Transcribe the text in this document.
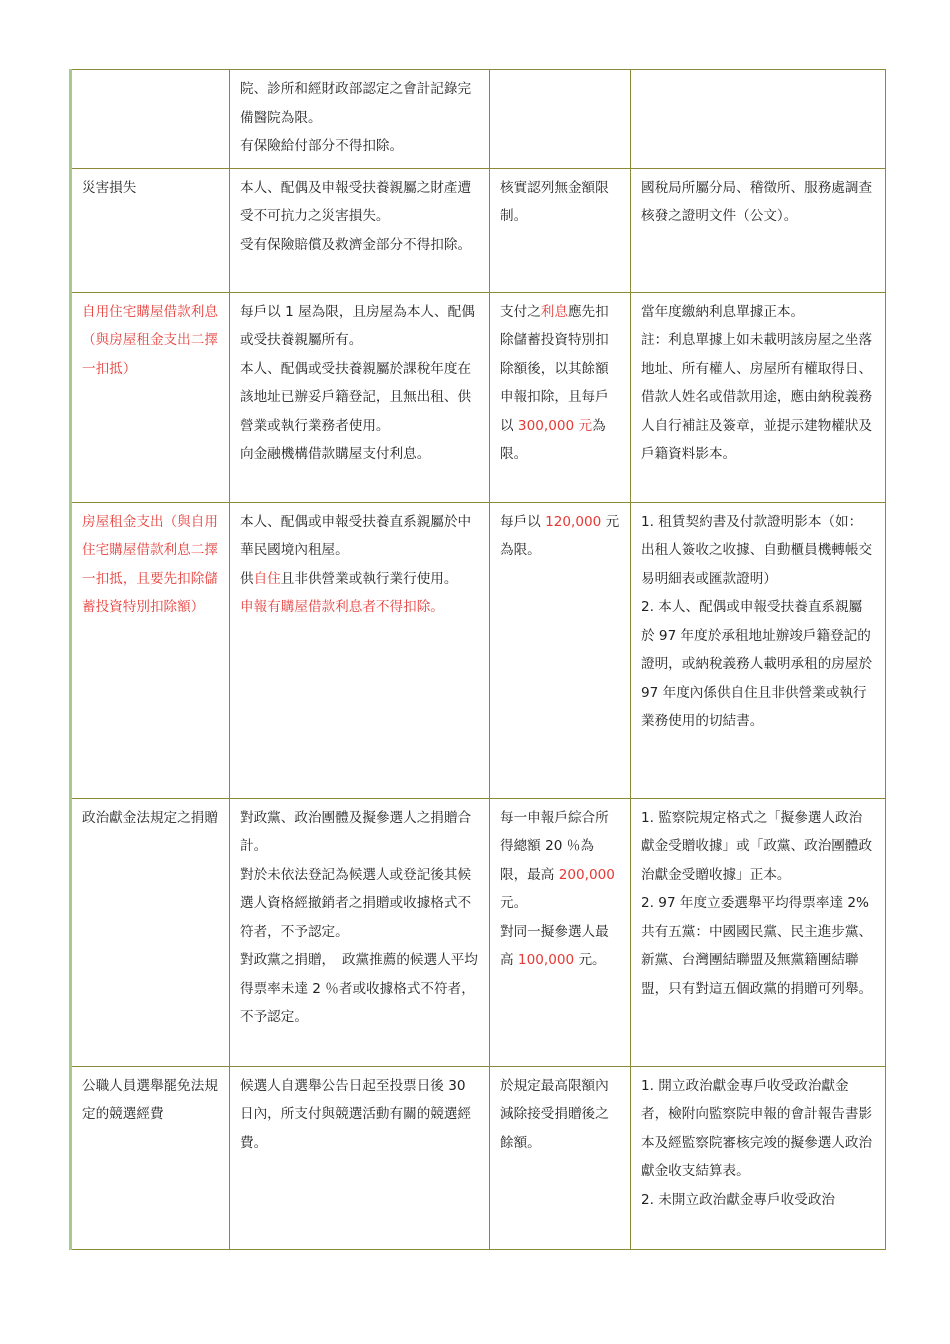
	院、診所和經財政部認定之會計記錄完備醫院為限。
有保險給付部分不得扣除。		

災害損失	本人、配偶及申報受扶養親屬之財產遭受不可抗力之災害損失。
受有保險賠償及救濟金部分不得扣除。	核實認列無金額限制。	國稅局所屬分局、稽徵所、服務處調查核發之證明文件（公文）。

自用住宅購屋借款利息　（與房屋租金支出二擇一扣抵）	每戶以 1 屋為限，且房屋為本人、配偶或受扶養親屬所有。
本人、配偶或受扶養親屬於課稅年度在該地址已辦妥戶籍登記，且無出租、供營業或執行業務者使用。
向金融機構借款購屋支付利息。	支付之利息應先扣除儲蓄投資特別扣除額後，以其餘額申報扣除，且每戶以 300,000 元為限。	當年度繳納利息單據正本。
註：利息單據上如未載明該房屋之坐落地址、所有權人、房屋所有權取得日、借款人姓名或借款用途，應由納稅義務人自行補註及簽章，並提示建物權狀及戶籍資料影本。

房屋租金支出（與自用住宅購屋借款利息二擇一扣抵，且要先扣除儲蓄投資特別扣除額）	本人、配偶或申報受扶養直系親屬於中華民國境內租屋。
供自住且非供營業或執行業行使用。
申報有購屋借款利息者不得扣除。	每戶以 120,000 元為限。	1. 租賃契約書及付款證明影本（如：出租人簽收之收據、自動櫃員機轉帳交易明細表或匯款證明）
2. 本人、配偶或申報受扶養直系親屬於 97 年度於承租地址辦竣戶籍登記的證明，或納稅義務人載明承租的房屋於 97 年度內係供自住且非供營業或執行業務使用的切結書。

政治獻金法規定之捐贈	對政黨、政治團體及擬參選人之捐贈合計。
對於未依法登記為候選人或登記後其候選人資格經撤銷者之捐贈或收據格式不符者，不予認定。
對政黨之捐贈，　政黨推薦的候選人平均得票率未達 2 ％者或收據格式不符者，不予認定。	每一申報戶綜合所得總額 20 ％為限，最高 200,000 元。
對同一擬參選人最高 100,000 元。	1. 監察院規定格式之「擬參選人政治獻金受贈收據」或「政黨、政治團體政治獻金受贈收據」正本。
2. 97 年度立委選舉平均得票率達 2% 共有五黨：中國國民黨、民主進步黨、新黨、台灣團結聯盟及無黨籍團結聯盟，只有對這五個政黨的捐贈可列舉。

公職人員選舉罷免法規定的競選經費	候選人自選舉公告日起至投票日後 30 日內，所支付與競選活動有關的競選經費。	於規定最高限額內減除接受捐贈後之餘額。	1. 開立政治獻金專戶收受政治獻金者，檢附向監察院申報的會計報告書影本及經監察院審核完竣的擬參選人政治獻金收支結算表。
2. 未開立政治獻金專戶收受政治
